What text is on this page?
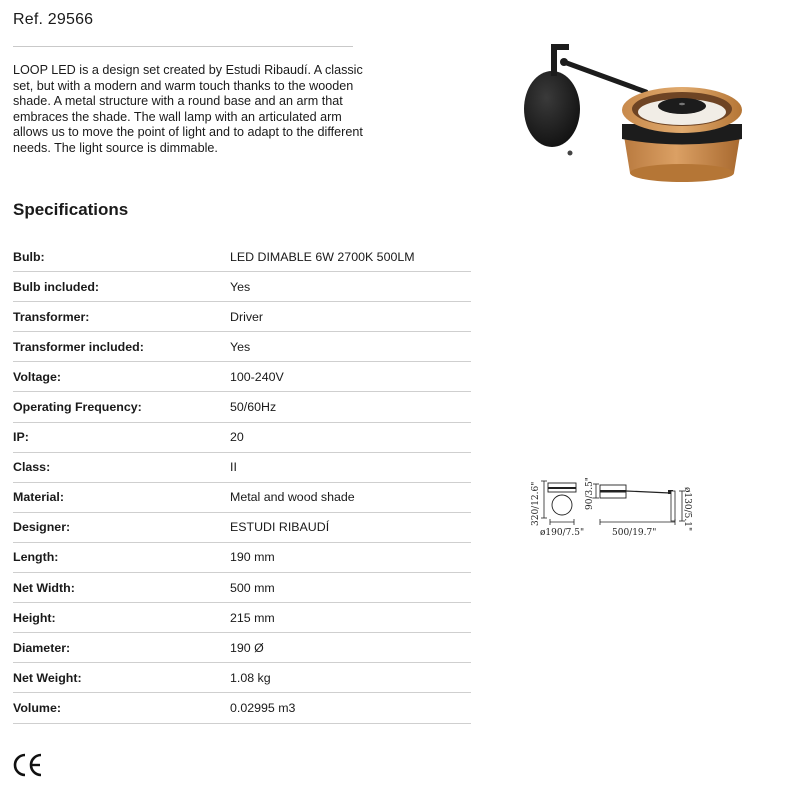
Ref. 29566

LOOP LED is a design set created by Estudi Ribaudí. A classic set, but with a modern and warm touch thanks to the wooden shade. A metal structure with a round base and an arm that embraces the shade. The wall lamp with an articulated arm allows us to move the point of light and to adapt to the different needs. The light source is dimmable.

Specifications
Bulb:	LED DIMABLE 6W 2700K 500LM
Bulb included:	Yes
Transformer:	Driver
Transformer included:	Yes
Voltage:	100-240V
Operating Frequency:	50/60Hz
IP:	20
Class:	II
Material:	Metal and wood shade
Designer:	ESTUDI RIBAUDÍ
Length:	190 mm
Net Width:	500 mm
Height:	215 mm
Diameter:	190 Ø
Net Weight:	1.08 kg
Volume:	0.02995 m3
320/12.6"
ø190/7.5"
90/3.5"
500/19.7"
ø130/5.1"
